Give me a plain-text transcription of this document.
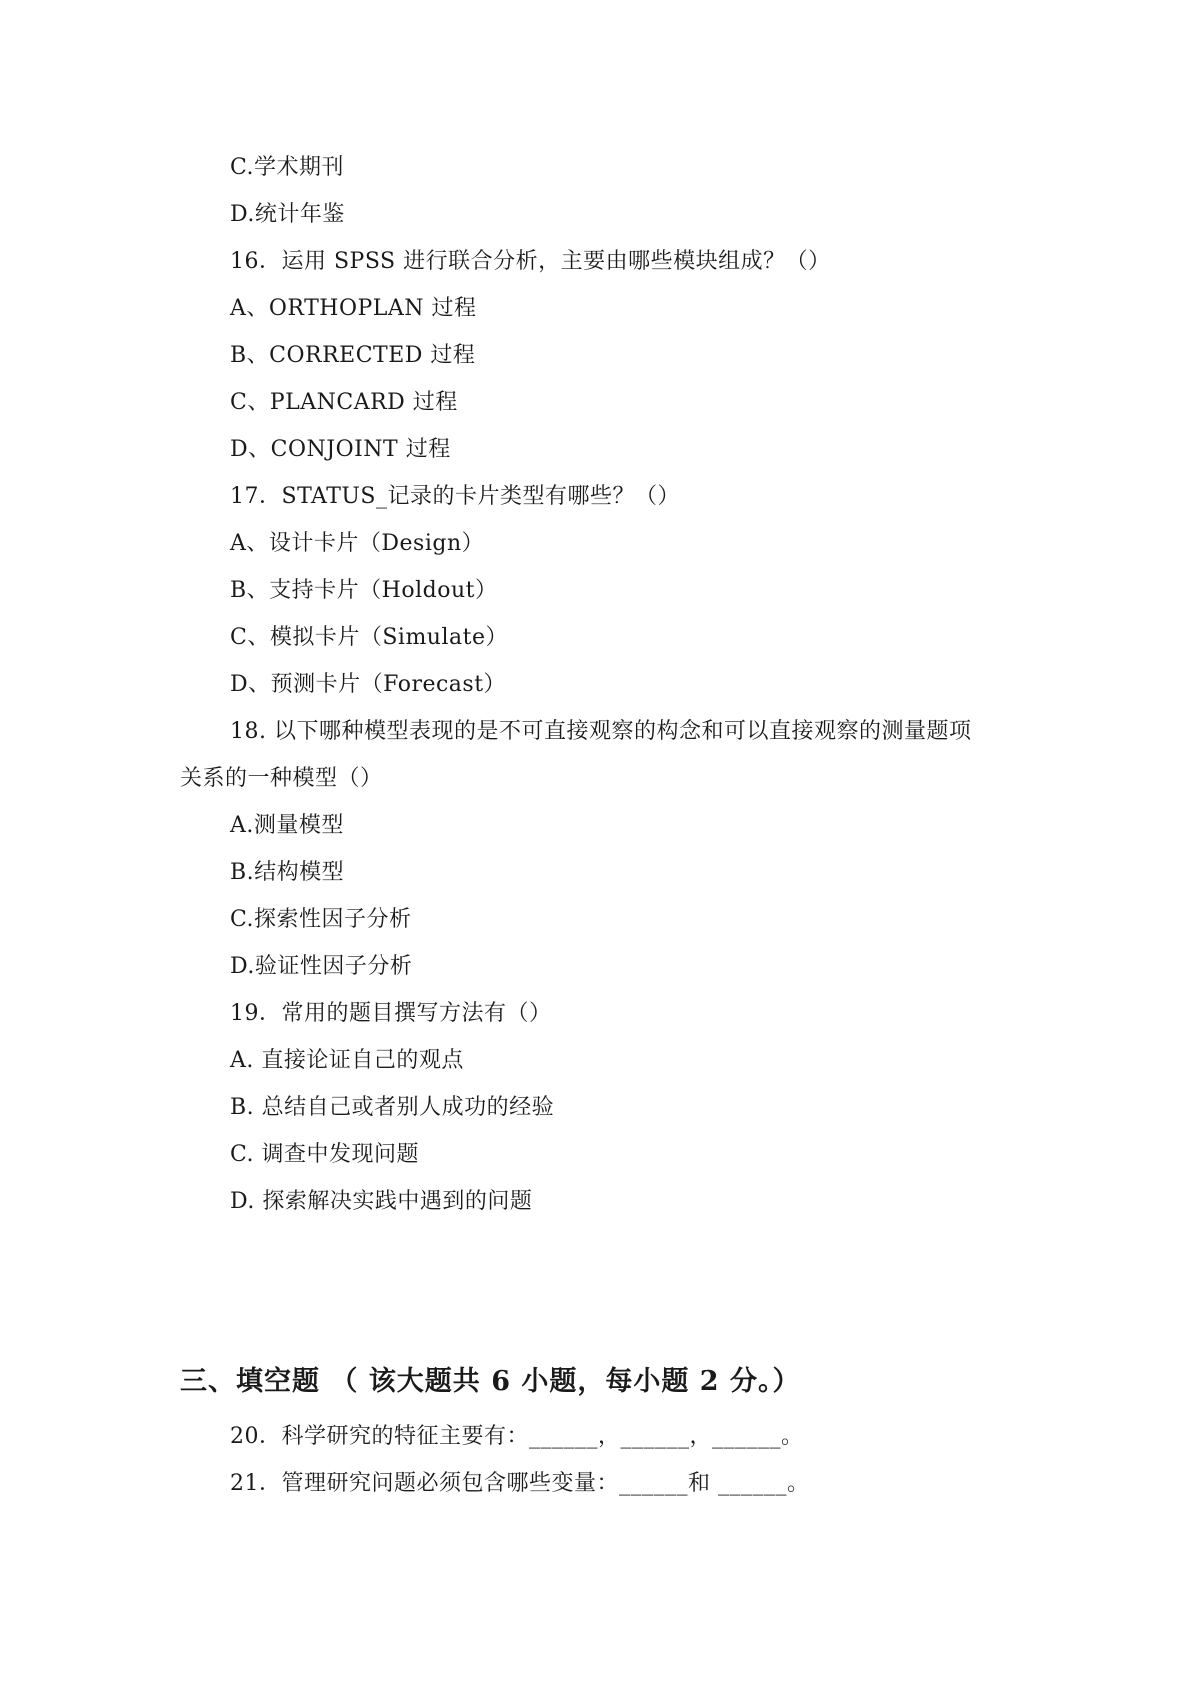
C.学术期刊
D.统计年鉴
16．运用 SPSS 进行联合分析，主要由哪些模块组成？（）
A、ORTHOPLAN 过程
B、CORRECTED 过程
C、PLANCARD 过程
D、CONJOINT 过程
17．STATUS_记录的卡片类型有哪些？（）
A、设计卡片（Design）
B、支持卡片（Holdout）
C、模拟卡片（Simulate）
D、预测卡片（Forecast）
18. 以下哪种模型表现的是不可直接观察的构念和可以直接观察的测量题项
关系的一种模型（）
A.测量模型
B.结构模型
C.探索性因子分析
D.验证性因子分析
19．常用的题目撰写方法有（）
A. 直接论证自己的观点
B. 总结自己或者别人成功的经验
C. 调查中发现问题
D. 探索解决实践中遇到的问题
三、填空题 （ 该大题共 6 小题，每小题 2 分。）
20．科学研究的特征主要有：______，______，______。
21．管理研究问题必须包含哪些变量：______和 ______。
